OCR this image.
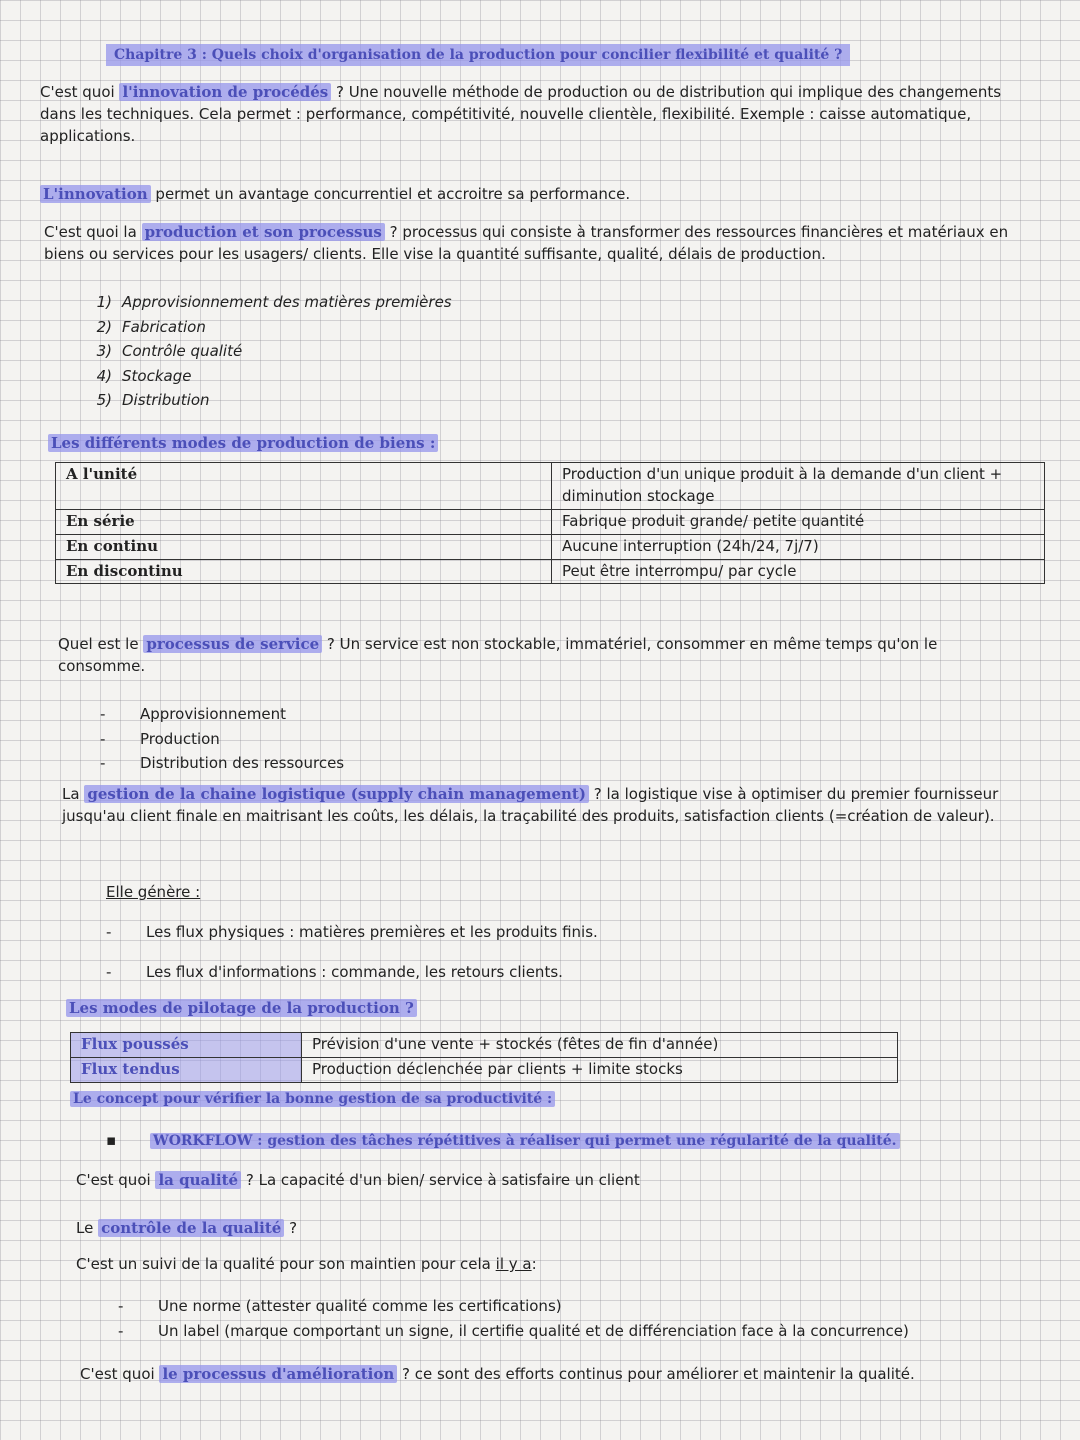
Chapitre 3 : Quels choix d'organisation de la production pour concilier flexibilité et qualité ?
C'est quoi l'innovation de procédés ? Une nouvelle méthode de production ou de distribution qui implique des changements dans les techniques. Cela permet : performance, compétitivité, nouvelle clientèle, flexibilité. Exemple : caisse automatique, applications.
L'innovation permet un avantage concurrentiel et accroitre sa performance.
C'est quoi la production et son processus ? processus qui consiste à transformer des ressources financières et matériaux en biens ou services pour les usagers/ clients. Elle vise la quantité suffisante, qualité, délais de production.
1) Approvisionnement des matières premières
2) Fabrication
3) Contrôle qualité
4) Stockage
5) Distribution
Les différents modes de production de biens :
A l'unité	Production d'un unique produit à la demande d'un client + diminution stockage
En série	Fabrique produit grande/ petite quantité
En continu	Aucune interruption (24h/24, 7j/7)
En discontinu	Peut être interrompu/ par cycle
Quel est le processus de service ? Un service est non stockable, immatériel, consommer en même temps qu'on le consomme.
-	Approvisionnement
-	Production
-	Distribution des ressources
La gestion de la chaine logistique (supply chain management) ? la logistique vise à optimiser du premier fournisseur jusqu'au client finale en maitrisant les coûts, les délais, la traçabilité des produits, satisfaction clients (=création de valeur).
Elle génère :
-	Les flux physiques : matières premières et les produits finis.
-	Les flux d'informations : commande, les retours clients.
Les modes de pilotage de la production ?
Flux poussés	Prévision d'une vente + stockés (fêtes de fin d'année)
Flux tendus	Production déclenchée par clients + limite stocks
Le concept pour vérifier la bonne gestion de sa productivité :
▪	WORKFLOW : gestion des tâches répétitives à réaliser qui permet une régularité de la qualité.
C'est quoi la qualité ? La capacité d'un bien/ service à satisfaire un client
Le contrôle de la qualité ?
C'est un suivi de la qualité pour son maintien pour cela il y a:
-	Une norme (attester qualité comme les certifications)
-	Un label (marque comportant un signe, il certifie qualité et de différenciation face à la concurrence)
C'est quoi le processus d'amélioration ? ce sont des efforts continus pour améliorer et maintenir la qualité.
